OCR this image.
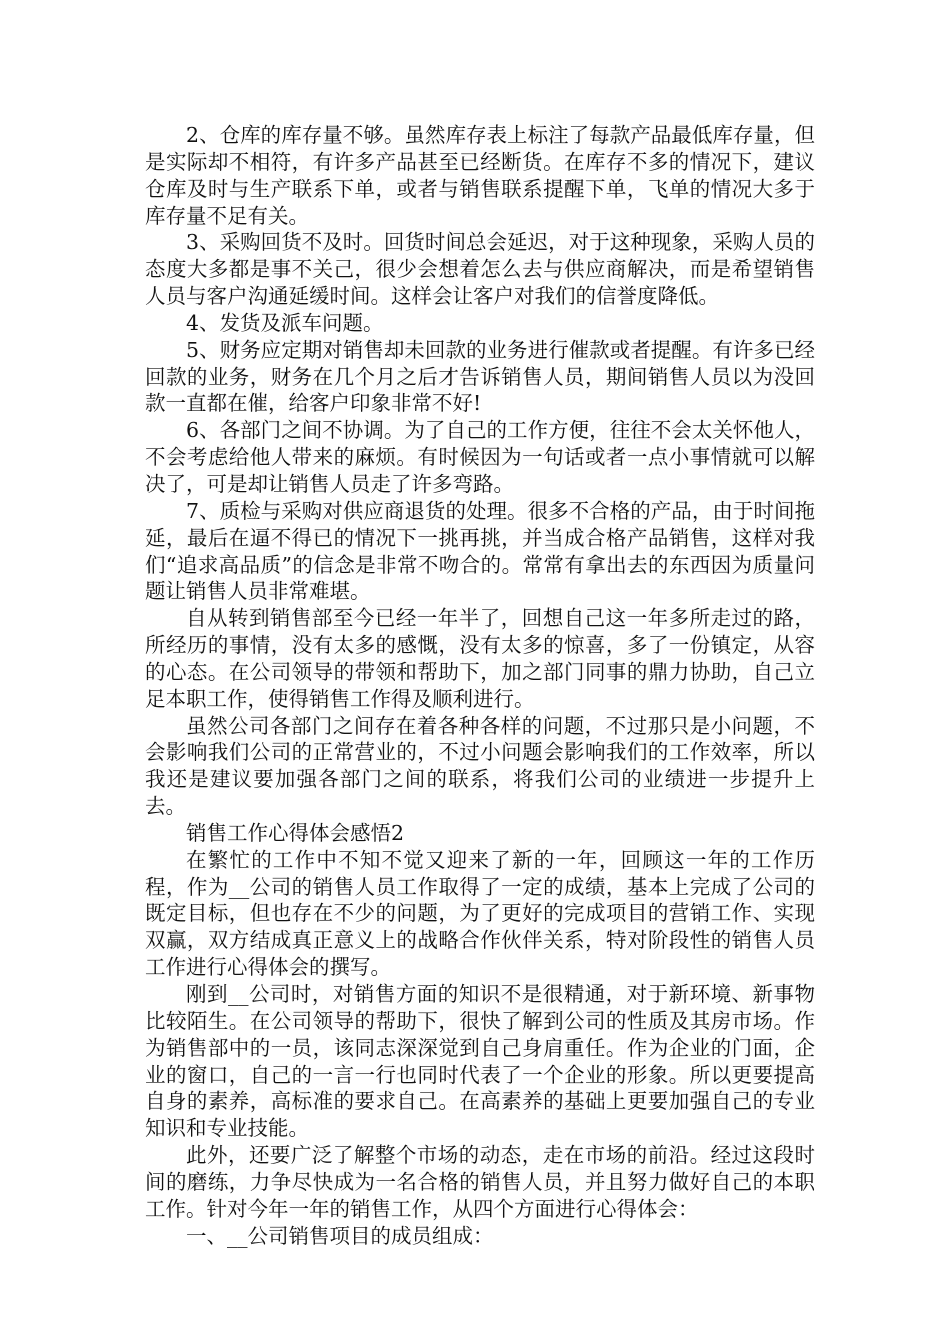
2、仓库的库存量不够。虽然库存表上标注了每款产品最低库存量，但是实际却不相符，有许多产品甚至已经断货。在库存不多的情况下，建议仓库及时与生产联系下单，或者与销售联系提醒下单，飞单的情况大多于库存量不足有关。

3、采购回货不及时。回货时间总会延迟，对于这种现象，采购人员的态度大多都是事不关己，很少会想着怎么去与供应商解决，而是希望销售人员与客户沟通延缓时间。这样会让客户对我们的信誉度降低。

4、发货及派车问题。

5、财务应定期对销售却未回款的业务进行催款或者提醒。有许多已经回款的业务，财务在几个月之后才告诉销售人员，期间销售人员以为没回款一直都在催，给客户印象非常不好!

6、各部门之间不协调。为了自己的工作方便，往往不会太关怀他人，不会考虑给他人带来的麻烦。有时候因为一句话或者一点小事情就可以解决了，可是却让销售人员走了许多弯路。

7、质检与采购对供应商退货的处理。很多不合格的产品，由于时间拖延，最后在逼不得已的情况下一挑再挑，并当成合格产品销售，这样对我们“追求高品质”的信念是非常不吻合的。常常有拿出去的东西因为质量问题让销售人员非常难堪。

自从转到销售部至今已经一年半了，回想自己这一年多所走过的路，所经历的事情，没有太多的感慨，没有太多的惊喜，多了一份镇定，从容的心态。在公司领导的带领和帮助下，加之部门同事的鼎力协助，自己立足本职工作，使得销售工作得及顺利进行。

虽然公司各部门之间存在着各种各样的问题，不过那只是小问题，不会影响我们公司的正常营业的，不过小问题会影响我们的工作效率，所以我还是建议要加强各部门之间的联系，将我们公司的业绩进一步提升上去。

销售工作心得体会感悟2

在繁忙的工作中不知不觉又迎来了新的一年，回顾这一年的工作历程，作为__公司的销售人员工作取得了一定的成绩，基本上完成了公司的既定目标，但也存在不少的问题，为了更好的完成项目的营销工作、实现双赢，双方结成真正意义上的战略合作伙伴关系，特对阶段性的销售人员工作进行心得体会的撰写。

刚到__公司时，对销售方面的知识不是很精通，对于新环境、新事物比较陌生。在公司领导的帮助下，很快了解到公司的性质及其房市场。作为销售部中的一员，该同志深深觉到自己身肩重任。作为企业的门面，企业的窗口，自己的一言一行也同时代表了一个企业的形象。所以更要提高自身的素养，高标准的要求自己。在高素养的基础上更要加强自己的专业知识和专业技能。

此外，还要广泛了解整个市场的动态，走在市场的前沿。经过这段时间的磨练，力争尽快成为一名合格的销售人员，并且努力做好自己的本职工作。针对今年一年的销售工作，从四个方面进行心得体会：

一、__公司销售项目的成员组成：
